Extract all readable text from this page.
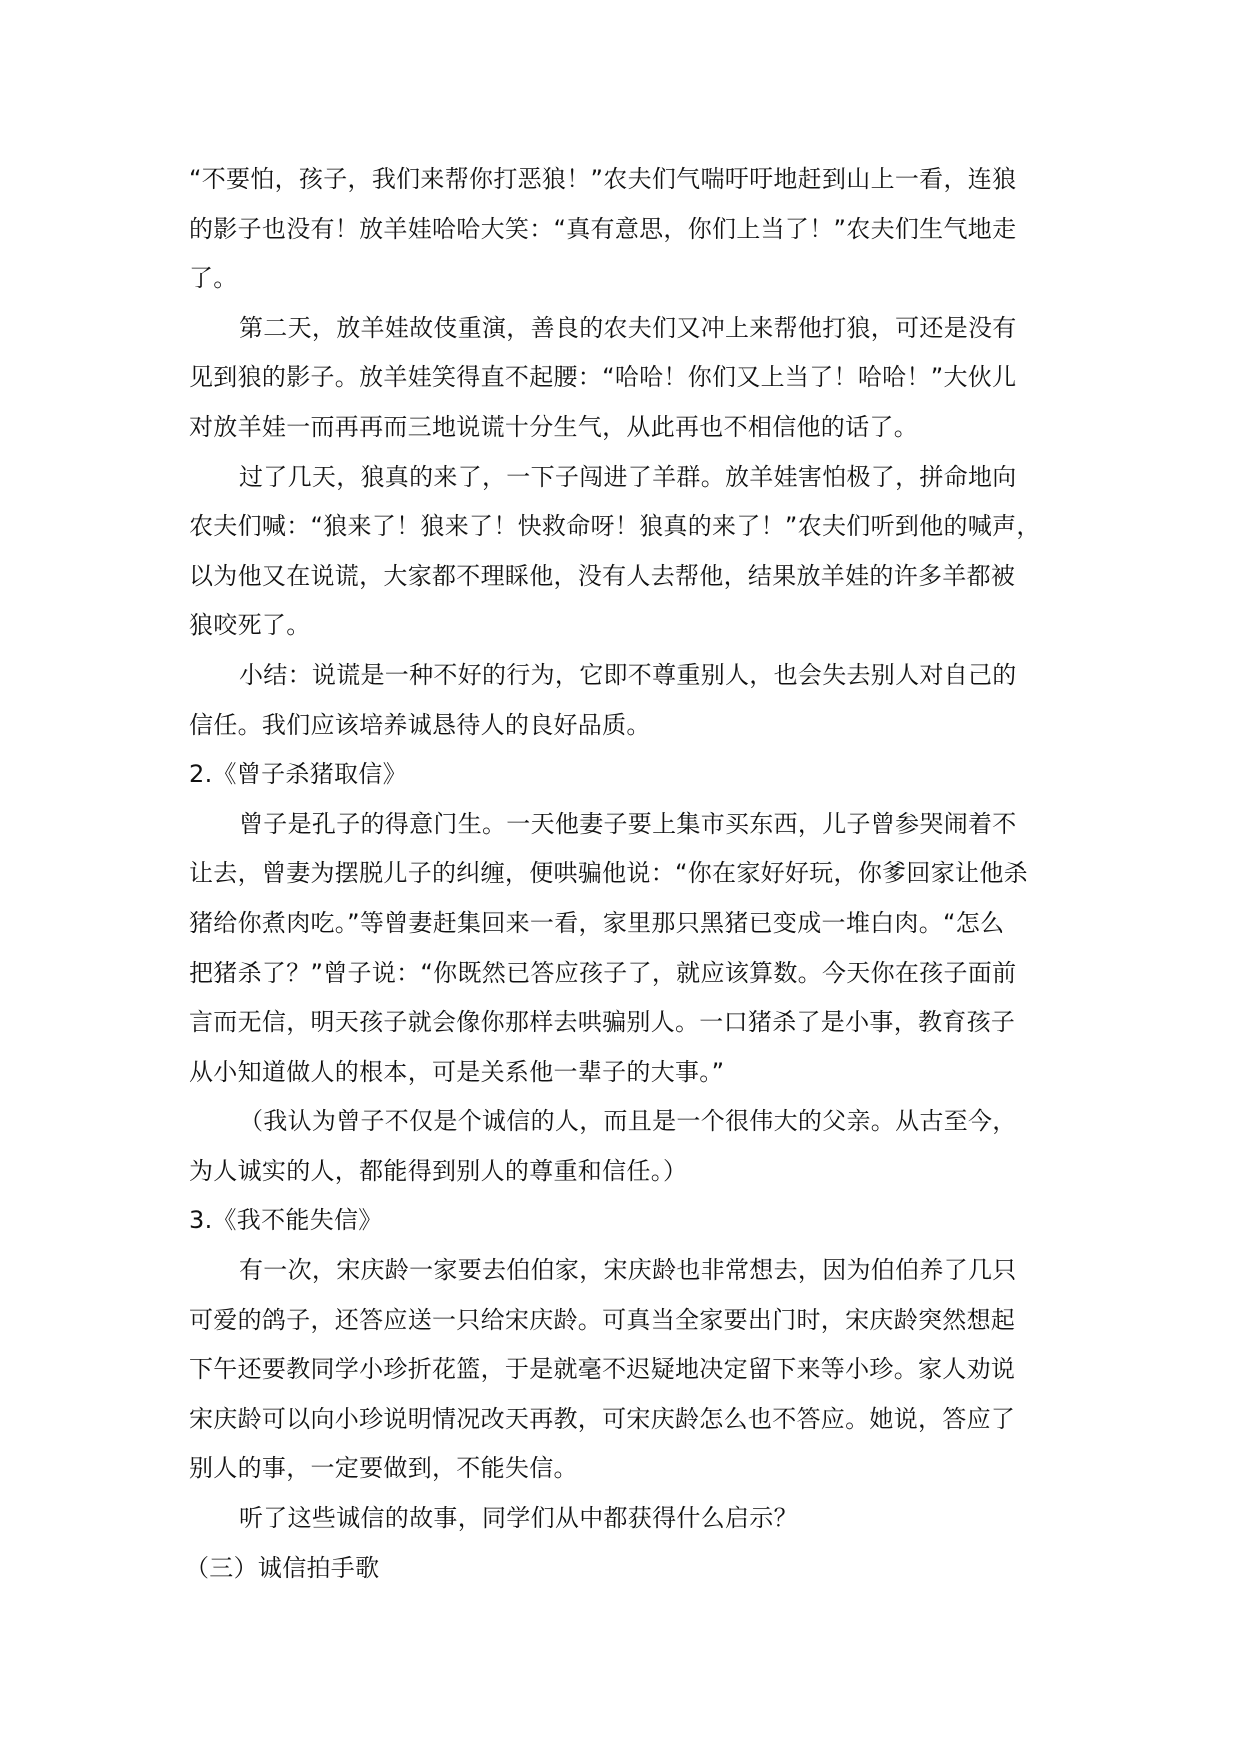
“不要怕，孩子，我们来帮你打恶狼！”农夫们气喘吁吁地赶到山上一看，连狼
的影子也没有！放羊娃哈哈大笑：“真有意思，你们上当了！”农夫们生气地走
了。
第二天，放羊娃故伎重演，善良的农夫们又冲上来帮他打狼，可还是没有
见到狼的影子。放羊娃笑得直不起腰：“哈哈！你们又上当了！哈哈！”大伙儿
对放羊娃一而再再而三地说谎十分生气，从此再也不相信他的话了。
过了几天，狼真的来了，一下子闯进了羊群。放羊娃害怕极了，拼命地向
农夫们喊：“狼来了！狼来了！快救命呀！狼真的来了！”农夫们听到他的喊声，
以为他又在说谎，大家都不理睬他，没有人去帮他，结果放羊娃的许多羊都被
狼咬死了。
小结：说谎是一种不好的行为，它即不尊重别人，也会失去别人对自己的
信任。我们应该培养诚恳待人的良好品质。
2.《曾子杀猪取信》
曾子是孔子的得意门生。一天他妻子要上集市买东西，儿子曾参哭闹着不
让去，曾妻为摆脱儿子的纠缠，便哄骗他说：“你在家好好玩，你爹回家让他杀
猪给你煮肉吃。”等曾妻赶集回来一看，家里那只黑猪已变成一堆白肉。“怎么
把猪杀了？”曾子说：“你既然已答应孩子了，就应该算数。今天你在孩子面前
言而无信，明天孩子就会像你那样去哄骗别人。一口猪杀了是小事，教育孩子
从小知道做人的根本，可是关系他一辈子的大事。”
（我认为曾子不仅是个诚信的人，而且是一个很伟大的父亲。从古至今，
为人诚实的人，都能得到别人的尊重和信任。）
3.《我不能失信》
有一次，宋庆龄一家要去伯伯家，宋庆龄也非常想去，因为伯伯养了几只
可爱的鸽子，还答应送一只给宋庆龄。可真当全家要出门时，宋庆龄突然想起
下午还要教同学小珍折花篮，于是就毫不迟疑地决定留下来等小珍。家人劝说
宋庆龄可以向小珍说明情况改天再教，可宋庆龄怎么也不答应。她说，答应了
别人的事，一定要做到，不能失信。
听了这些诚信的故事，同学们从中都获得什么启示？
（三）诚信拍手歌
